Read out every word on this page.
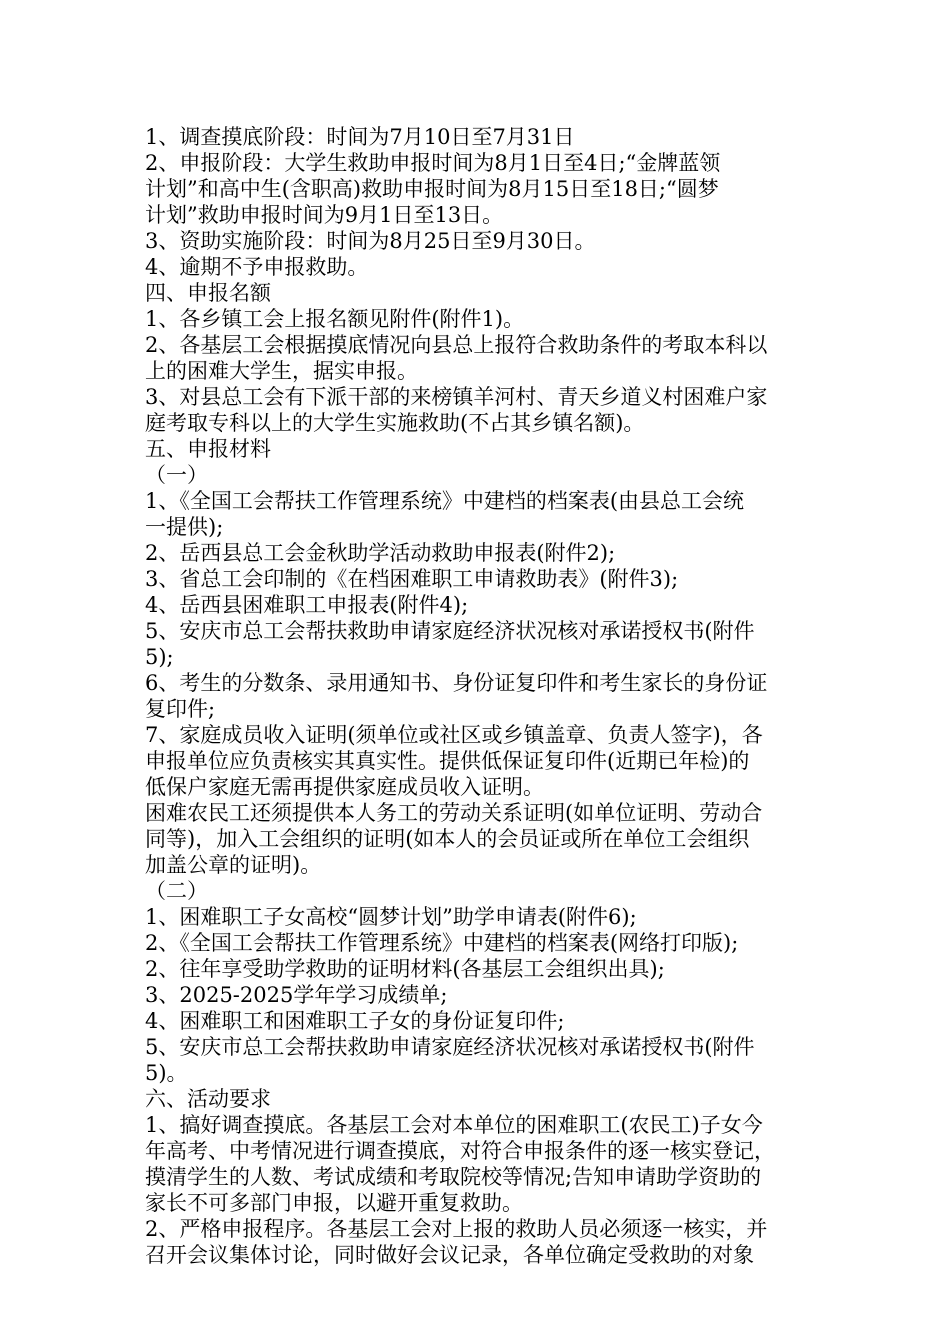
1、调查摸底阶段：时间为7月10日至7月31日
2、申报阶段：大学生救助申报时间为8月1日至4日;“金牌蓝领
计划”和高中生(含职高)救助申报时间为8月15日至18日;“圆梦
计划”救助申报时间为9月1日至13日。
3、资助实施阶段：时间为8月25日至9月30日。
4、逾期不予申报救助。
四、申报名额
1、各乡镇工会上报名额见附件(附件1)。
2、各基层工会根据摸底情况向县总上报符合救助条件的考取本科以
上的困难大学生，据实申报。
3、对县总工会有下派干部的来榜镇羊河村、青天乡道义村困难户家
庭考取专科以上的大学生实施救助(不占其乡镇名额)。
五、申报材料
（一）
1、《全国工会帮扶工作管理系统》中建档的档案表(由县总工会统
一提供);
2、岳西县总工会金秋助学活动救助申报表(附件2);
3、省总工会印制的《在档困难职工申请救助表》(附件3);
4、岳西县困难职工申报表(附件4);
5、安庆市总工会帮扶救助申请家庭经济状况核对承诺授权书(附件
5);
6、考生的分数条、录用通知书、身份证复印件和考生家长的身份证
复印件;
7、家庭成员收入证明(须单位或社区或乡镇盖章、负责人签字)，各
申报单位应负责核实其真实性。提供低保证复印件(近期已年检)的
低保户家庭无需再提供家庭成员收入证明。
困难农民工还须提供本人务工的劳动关系证明(如单位证明、劳动合
同等)，加入工会组织的证明(如本人的会员证或所在单位工会组织
加盖公章的证明)。
（二）
1、困难职工子女高校“圆梦计划”助学申请表(附件6);
2、《全国工会帮扶工作管理系统》中建档的档案表(网络打印版);
2、往年享受助学救助的证明材料(各基层工会组织出具);
3、2025-2025学年学习成绩单;
4、困难职工和困难职工子女的身份证复印件;
5、安庆市总工会帮扶救助申请家庭经济状况核对承诺授权书(附件
5)。
六、活动要求
1、搞好调查摸底。各基层工会对本单位的困难职工(农民工)子女今
年高考、中考情况进行调查摸底，对符合申报条件的逐一核实登记，
摸清学生的人数、考试成绩和考取院校等情况;告知申请助学资助的
家长不可多部门申报，以避开重复救助。
2、严格申报程序。各基层工会对上报的救助人员必须逐一核实，并
召开会议集体讨论，同时做好会议记录，各单位确定受救助的对象
